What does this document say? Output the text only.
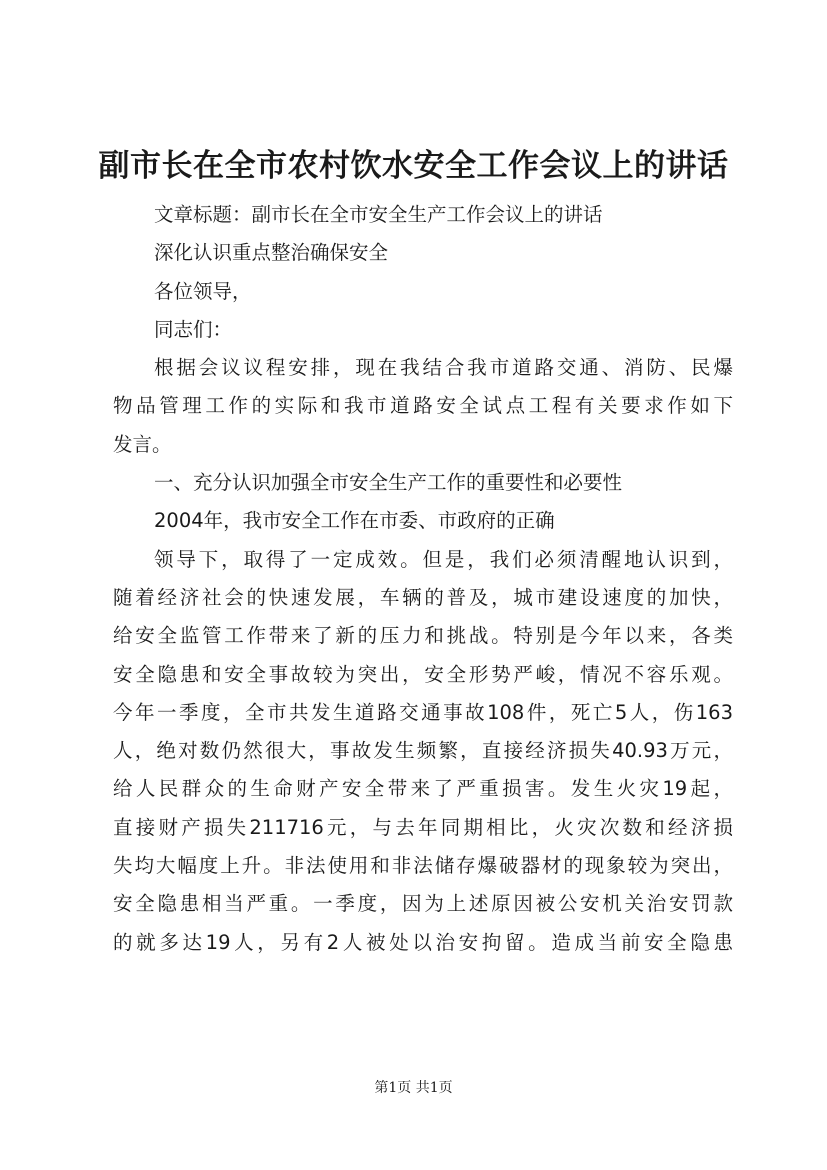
副市长在全市农村饮水安全工作会议上的讲话
文章标题：副市长在全市安全生产工作会议上的讲话
深化认识重点整治确保安全
各位领导，
同志们：
根据会议议程安排，现在我结合我市道路交通、消防、民爆
物品管理工作的实际和我市道路安全试点工程有关要求作如下
发言。
一、充分认识加强全市安全生产工作的重要性和必要性
2004年，我市安全工作在市委、市政府的正确
领导下，取得了一定成效。但是，我们必须清醒地认识到，
随着经济社会的快速发展，车辆的普及，城市建设速度的加快，
给安全监管工作带来了新的压力和挑战。特别是今年以来，各类
安全隐患和安全事故较为突出，安全形势严峻，情况不容乐观。
今年一季度，全市共发生道路交通事故108件，死亡5人，伤163
人，绝对数仍然很大，事故发生频繁，直接经济损失40.93万元，
给人民群众的生命财产安全带来了严重损害。发生火灾19起，
直接财产损失211716元，与去年同期相比，火灾次数和经济损
失均大幅度上升。非法使用和非法储存爆破器材的现象较为突出，
安全隐患相当严重。一季度，因为上述原因被公安机关治安罚款
的就多达19人，另有2人被处以治安拘留。造成当前安全隐患
第1页 共1页
